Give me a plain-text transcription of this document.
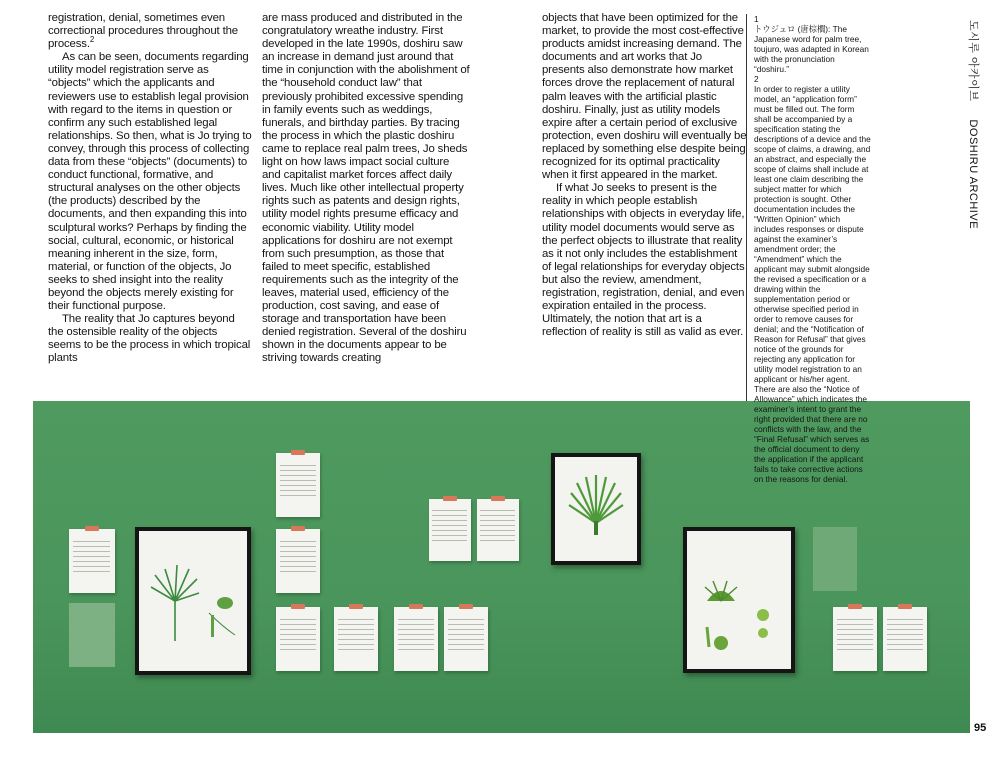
registration, denial, sometimes even correctional procedures throughout the process.$^2$

As can be seen, documents regarding utility model registration serve as “objects” which the applicants and reviewers use to establish legal provision with regard to the items in question or confirm any such established legal relationships. So then, what is Jo trying to convey, through this process of collecting data from these “objects” (documents) to conduct functional, formative, and structural analyses on the other objects (the products) described by the documents, and then expanding this into sculptural works? Perhaps by finding the social, cultural, economic, or historical meaning inherent in the size, form, material, or function of the objects, Jo seeks to shed insight into the reality beyond the objects merely existing for their functional purpose.

The reality that Jo captures beyond the ostensible reality of the objects seems to be the process in which tropical plants

are mass produced and distributed in the congratulatory wreathe industry. First developed in the late 1990s, doshiru saw an increase in demand just around that time in conjunction with the abolishment of the “household conduct law” that previously prohibited excessive spending in family events such as weddings, funerals, and birthday parties. By tracing the process in which the plastic doshiru came to replace real palm trees, Jo sheds light on how laws impact social culture and capitalist market forces affect daily lives. Much like other intellectual property rights such as patents and design rights, utility model rights presume efficacy and economic viability. Utility model applications for doshiru are not exempt from such presumption, as those that failed to meet specific, established requirements such as the integrity of the leaves, material used, efficiency of the production, cost saving, and ease of storage and transportation have been denied registration. Several of the doshiru shown in the documents appear to be striving towards creating

objects that have been optimized for the market, to provide the most cost-effective products amidst increasing demand. The documents and art works that Jo presents also demonstrate how market forces drove the replacement of natural palm leaves with the artificial plastic doshiru. Finally, just as utility models expire after a certain period of exclusive protection, even doshiru will eventually be replaced by something else despite being recognized for its optimal practicality when it first appeared in the market.

If what Jo seeks to present is the reality in which people establish relationships with objects in everyday life, utility model documents would serve as the perfect objects to illustrate that reality as it not only includes the establishment of legal relationships for everyday objects but also the review, amendment, registration, registration, denial, and even expiration entailed in the process. Ultimately, the notion that art is a reflection of reality is still as valid as ever.

1

トウジュロ (唐棕櫚): The Japanese word for palm tree, toujuro, was adapted in Korean with the pronunciation “doshiru.”

2

In order to register a utility model, an “application form” must be filled out. The form shall be accompanied by a specification stating the descriptions of a device and the scope of claims, a drawing, and an abstract, and especially the scope of claims shall include at least one claim describing the subject matter for which protection is sought. Other documentation includes the “Written Opinion” which includes responses or dispute against the examiner’s amendment order; the “Amendment” which the applicant may submit alongside the revised a specification or a drawing within the supplementation period or otherwise specified period in order to remove causes for denial; and the “Notification of Reason for Refusal” that gives notice of the grounds for rejecting any application for utility model registration to an applicant or his/her agent. There are also the “Notice of Allowance” which indicates the examiner’s intent to grant the right provided that there are no conflicts with the law, and the “Final Refusal” which serves as the official document to deny the application if the applicant fails to take corrective actions on the reasons for denial.

도시루 아카이브DOSHIRU ARCHIVE
95
